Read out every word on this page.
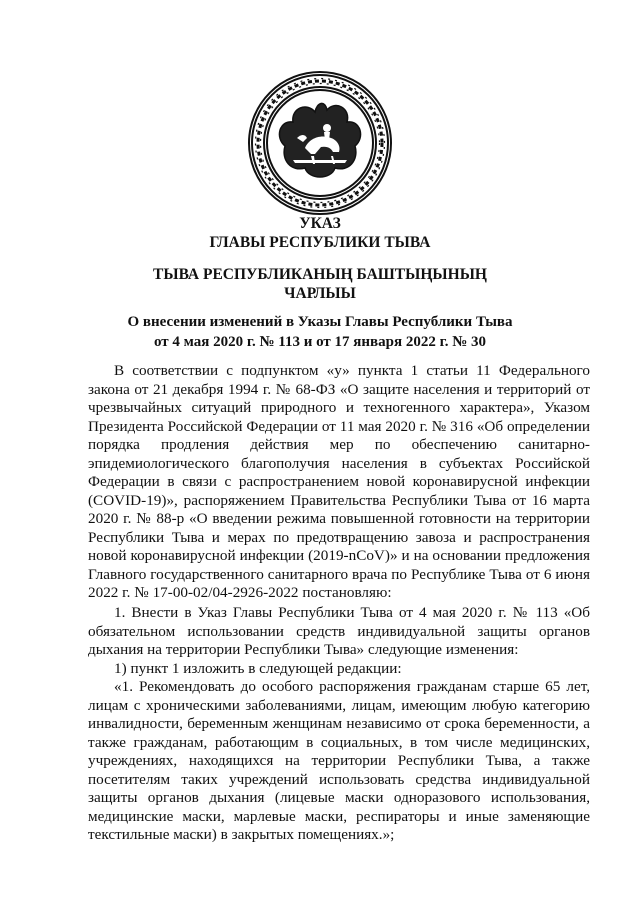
УКАЗ
ГЛАВЫ РЕСПУБЛИКИ ТЫВА
ТЫВА РЕСПУБЛИКАНЫҢ БАШТЫҢЫНЫҢ
ЧАРЛЫЫ
О внесении изменений в Указы Главы Республики Тыва
от 4 мая 2020 г. № 113 и от 17 января 2022 г. № 30

В соответствии с подпунктом «у» пункта 1 статьи 11 Федерального закона от 21 декабря 1994 г. № 68-ФЗ «О защите населения и территорий от чрезвычайных ситуаций природного и техногенного характера», Указом Президента Российской Федерации от 11 мая 2020 г. № 316 «Об определении порядка продления действия мер по обеспечению санитарно-эпидемиологического благополучия населения в субъектах Российской Федерации в связи с распространением новой коронавирусной инфекции (COVID-19)», распоряжением Правительства Республики Тыва от 16 марта 2020 г. № 88-р «О введении режима повышенной готовности на территории Республики Тыва и мерах по предотвращению завоза и распространения новой коронавирусной инфекции (2019-nCoV)» и на основании предложения Главного государственного санитарного врача по Республике Тыва от 6 июня 2022 г. № 17-00-02/04-2926-2022 постановляю:

1. Внести в Указ Главы Республики Тыва от 4 мая 2020 г. № 113 «Об обязательном использовании средств индивидуальной защиты органов дыхания на территории Республики Тыва» следующие изменения:

1) пункт 1 изложить в следующей редакции:

«1. Рекомендовать до особого распоряжения гражданам старше 65 лет, лицам с хроническими заболеваниями, лицам, имеющим любую категорию инвалидности, беременным женщинам независимо от срока беременности, а также гражданам, работающим в социальных, в том числе медицинских, учреждениях, находящихся на территории Республики Тыва, а также посетителям таких учреждений использовать средства индивидуальной защиты органов дыхания (лицевые маски одноразового использования, медицинские маски, марлевые маски, респираторы и иные заменяющие текстильные маски) в закрытых помещениях.»;
